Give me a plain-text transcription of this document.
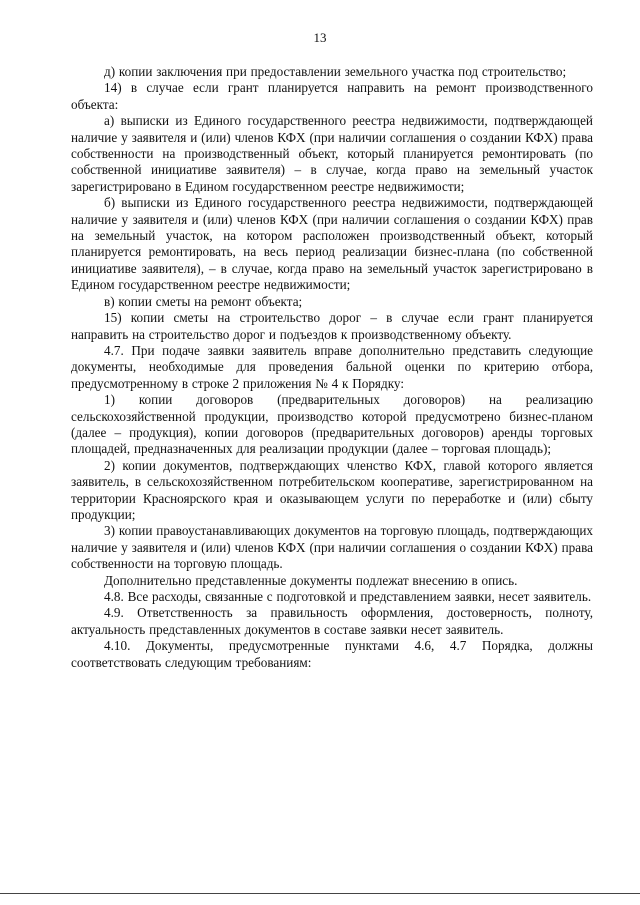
13

д) копии заключения при предоставлении земельного участка под строительство;

14) в случае если грант планируется направить на ремонт производственного объекта:

а) выписки из Единого государственного реестра недвижимости, подтверждающей наличие у заявителя и (или) членов КФХ (при наличии соглашения о создании КФХ) права собственности на производственный объект, который планируется ремонтировать (по собственной инициативе заявителя) – в случае, когда право на земельный участок зарегистрировано в Едином государственном реестре недвижимости;

б) выписки из Единого государственного реестра недвижимости, подтверждающей наличие у заявителя и (или) членов КФХ (при наличии соглашения о создании КФХ) прав на земельный участок, на котором расположен производственный объект, который планируется ремонтировать, на весь период реализации бизнес-плана (по собственной инициативе заявителя), – в случае, когда право на земельный участок зарегистрировано в Едином государственном реестре недвижимости;

в) копии сметы на ремонт объекта;

15) копии сметы на строительство дорог – в случае если грант планируется направить на строительство дорог и подъездов к производственному объекту.

4.7. При подаче заявки заявитель вправе дополнительно представить следующие документы, необходимые для проведения бальной оценки по критерию отбора, предусмотренному в строке 2 приложения № 4 к Порядку:

1) копии договоров (предварительных договоров) на реализацию сельскохозяйственной продукции, производство которой предусмотрено бизнес-планом (далее – продукция), копии договоров (предварительных договоров) аренды торговых площадей, предназначенных для реализации продукции (далее – торговая площадь);

2) копии документов, подтверждающих членство КФХ, главой которого является заявитель, в сельскохозяйственном потребительском кооперативе, зарегистрированном на территории Красноярского края и оказывающем услуги по переработке и (или) сбыту продукции;

3) копии правоустанавливающих документов на торговую площадь, подтверждающих наличие у заявителя и (или) членов КФХ (при наличии соглашения о создании КФХ) права собственности на торговую площадь.

Дополнительно представленные документы подлежат внесению в опись.

4.8. Все расходы, связанные с подготовкой и представлением заявки, несет заявитель.

4.9. Ответственность за правильность оформления, достоверность, полноту, актуальность представленных документов в составе заявки несет заявитель.

4.10. Документы, предусмотренные пунктами 4.6, 4.7 Порядка, должны соответствовать следующим требованиям:
